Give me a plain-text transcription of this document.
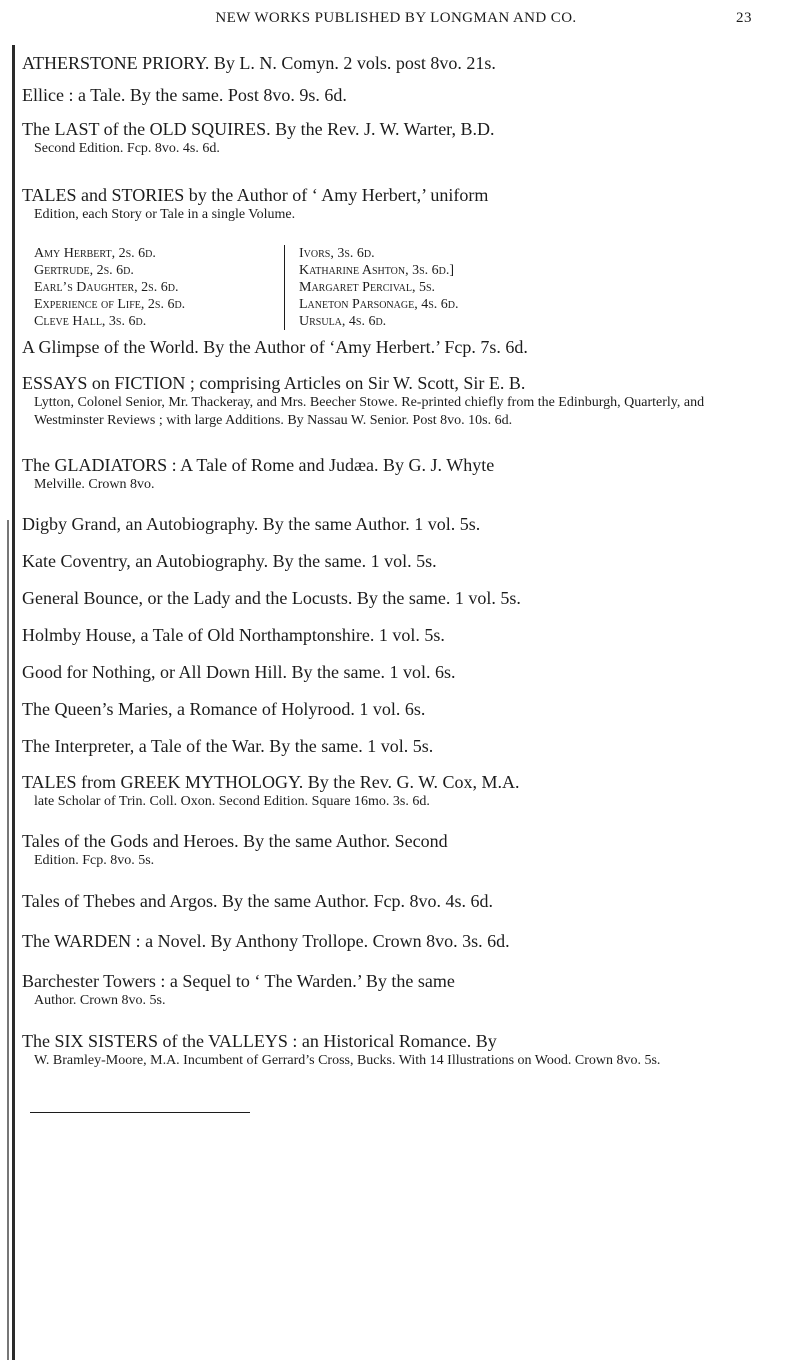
NEW WORKS PUBLISHED BY LONGMAN AND CO.	23
ATHERSTONE PRIORY. By L. N. Comyn. 2 vols. post 8vo. 21s.
Ellice : a Tale. By the same. Post 8vo. 9s. 6d.
The LAST of the OLD SQUIRES. By the Rev. J. W. Warter, B.D.
Second Edition. Fcp. 8vo. 4s. 6d.
TALES and STORIES by the Author of ‘ Amy Herbert,’ uniform
Edition, each Story or Tale in a single Volume.
Amy Herbert, 2s. 6d.
Gertrude, 2s. 6d.
Earl’s Daughter, 2s. 6d.
Experience of Life, 2s. 6d.
Cleve Hall, 3s. 6d.
Ivors, 3s. 6d.
Katharine Ashton, 3s. 6d.]
Margaret Percival, 5s.
Laneton Parsonage, 4s. 6d.
Ursula, 4s. 6d.
A Glimpse of the World. By the Author of ‘Amy Herbert.’ Fcp. 7s. 6d.
ESSAYS on FICTION ; comprising Articles on Sir W. Scott, Sir E. B.
Lytton, Colonel Senior, Mr. Thackeray, and Mrs. Beecher Stowe. Re-printed chiefly from the Edinburgh, Quarterly, and Westminster Reviews ; with large Additions. By Nassau W. Senior. Post 8vo. 10s. 6d.
The GLADIATORS : A Tale of Rome and Judæa. By G. J. Whyte
Melville. Crown 8vo.
Digby Grand, an Autobiography. By the same Author. 1 vol. 5s.
Kate Coventry, an Autobiography. By the same. 1 vol. 5s.
General Bounce, or the Lady and the Locusts. By the same. 1 vol. 5s.
Holmby House, a Tale of Old Northamptonshire. 1 vol. 5s.
Good for Nothing, or All Down Hill. By the same. 1 vol. 6s.
The Queen’s Maries, a Romance of Holyrood. 1 vol. 6s.
The Interpreter, a Tale of the War. By the same. 1 vol. 5s.
TALES from GREEK MYTHOLOGY. By the Rev. G. W. Cox, M.A.
late Scholar of Trin. Coll. Oxon. Second Edition. Square 16mo. 3s. 6d.
Tales of the Gods and Heroes. By the same Author. Second
Edition. Fcp. 8vo. 5s.
Tales of Thebes and Argos. By the same Author. Fcp. 8vo. 4s. 6d.
The WARDEN : a Novel. By Anthony Trollope. Crown 8vo. 3s. 6d.
Barchester Towers : a Sequel to ‘ The Warden.’ By the same
Author. Crown 8vo. 5s.
The SIX SISTERS of the VALLEYS : an Historical Romance. By
W. Bramley-Moore, M.A. Incumbent of Gerrard’s Cross, Bucks. With 14 Illustrations on Wood. Crown 8vo. 5s.
